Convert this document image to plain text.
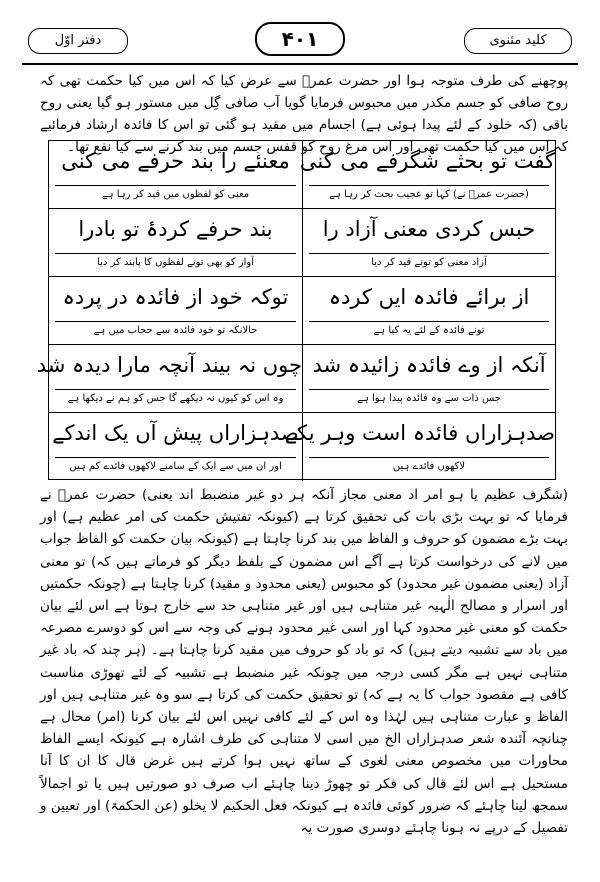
کلید مثنوی
۴۰۱
دفتر اوّل

پوچھنے کی طرف متوجہ ہوا اور حضرت عمرؓ سے عرض کیا کہ اس میں کیا حکمت تھی کہ روح صافی کو جسم مکدر میں محبوس فرمایا گویا آب صافی گِل میں مستور ہو گیا یعنی روح باقی (کہ خلود کے لئے پیدا ہوئی ہے) اجسام میں مقید ہو گئی تو اس کا فائدہ ارشاد فرمائیے کہ اس میں کیا حکمت تھی اور اس مرغ روح کو قفس جسم میں بند کرنے سے کیا نفع تھا۔

گفت تو بحثے شگرفے می کنی
(حضرت عمرؓ نے) کہا تو عجیب بحث کر رہا ہے
معنئے را بند حرفے می کنی
معنی کو لفظوں میں قید کر رہا ہے
حبس کردی معنی آزاد را
آزاد معنی کو تونے قید کر دیا
بند حرفے کردۂ تو بادرا
آواز کو بھی تونے لفظوں کا پابند کر دیا
از برائے فائدہ ایں کردہ
تونے فائدہ کے لئے یہ کیا ہے
توکہ خود از فائدہ در پردہ
حالانکہ تو خود فائدہ سے حجاب میں ہے
آنکہ از وے فائدہ زائیدہ شد
جس ذات سے وہ فائدہ پیدا ہوا ہے
چوں نہ بیند آنچہ مارا دیدہ شد
وہ اس کو کیوں نہ دیکھے گا جس کو ہم نے دیکھا ہے
صدہزاراں فائدہ است وہر یکے
لاکھوں فائدے ہیں
صدہزاراں پیش آں یک اندکے
اور ان میں سے ایک کے سامنے لاکھوں فائدے کم ہیں

(شگرف عظیم یا ہو امر اد معنی مجاز آنکہ ہر دو غیر منضبط اند یعنی) حضرت عمرؓ نے فرمایا کہ تو بہت بڑی بات کی تحقیق کرتا ہے (کیونکہ تفتیش حکمت کی امر عظیم ہے) اور بہت بڑے مضمون کو حروف و الفاظ میں بند کرنا چاہتا ہے (کیونکہ بیان حکمت کو الفاظ جواب میں لانے کی درخواست کرتا ہے آگے اس مضمون کے بلفظ دیگر کو فرماتے ہیں کہ) تو معنی آزاد (یعنی مضمون غیر محدود) کو محبوس (یعنی محدود و مقید) کرنا چاہتا ہے (چونکہ حکمتیں اور اسرار و مصالح الٰہیہ غیر متناہی ہیں اور غیر متناہی حد سے خارج ہوتا ہے اس لئے بیان حکمت کو معنی غیر محدود کہا اور اسی غیر محدود ہونے کی وجہ سے اس کو دوسرے مصرعہ میں باد سے تشبیہ دیتے ہیں) کہ تو باد کو حروف میں مقید کرنا چاہتا ہے۔ (ہر چند کہ باد غیر متناہی نہیں ہے مگر کسی درجہ میں چونکہ غیر منضبط ہے تشبیہ کے لئے تھوڑی مناسبت کافی ہے مقصود جواب کا یہ ہے کہ) تو تحقیق حکمت کی کرتا ہے سو وہ غیر متناہی ہیں اور الفاظ و عبارت متناہی ہیں لہٰذا وہ اس کے لئے کافی نہیں اس لئے بیان کرنا (امر) محال ہے چنانچہ آئندہ شعر صدہزاراں الخ میں اسی لا متناہی کی طرف اشارہ ہے کیونکہ ایسے الفاظ محاورات میں مخصوص معنی لغوی کے ساتھ نہیں ہوا کرتے ہیں غرض قال کا ان کا آنا مستحیل ہے اس لئے قال کی فکر تو چھوڑ دینا چاہئے اب صرف دو صورتیں ہیں یا تو اجمالاً سمجھ لینا چاہئے کہ ضرور کوئی فائدہ ہے کیونکہ فعل الحکیم لا یخلو (عن الحکمۃ) اور تعیین و تفصیل کے درپے نہ ہونا چاہئے دوسری صورت یہ
